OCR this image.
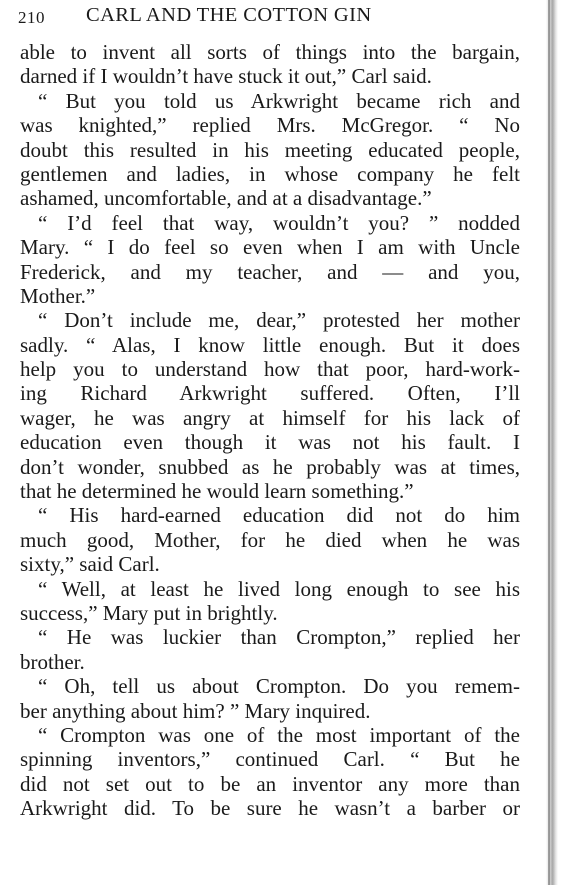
210 CARL AND THE COTTON GIN
able to invent all sorts of things into the bargain,
darned if I wouldn’t have stuck it out,” Carl said.
“ But you told us Arkwright became rich and
was knighted,” replied Mrs. McGregor. “ No
doubt this resulted in his meeting educated people,
gentlemen and ladies, in whose company he felt
ashamed, uncomfortable, and at a disadvantage.”
“ I’d feel that way, wouldn’t you? ” nodded
Mary. “ I do feel so even when I am with Uncle
Frederick, and my teacher, and — and you,
Mother.”
“ Don’t include me, dear,” protested her mother
sadly. “ Alas, I know little enough. But it does
help you to understand how that poor, hard-work-
ing Richard Arkwright suffered. Often, I’ll
wager, he was angry at himself for his lack of
education even though it was not his fault. I
don’t wonder, snubbed as he probably was at times,
that he determined he would learn something.”
“ His hard-earned education did not do him
much good, Mother, for he died when he was
sixty,” said Carl.
“ Well, at least he lived long enough to see his
success,” Mary put in brightly.
“ He was luckier than Crompton,” replied her
brother.
“ Oh, tell us about Crompton. Do you remem-
ber anything about him? ” Mary inquired.
“ Crompton was one of the most important of the
spinning inventors,” continued Carl. “ But he
did not set out to be an inventor any more than
Arkwright did. To be sure he wasn’t a barber or
